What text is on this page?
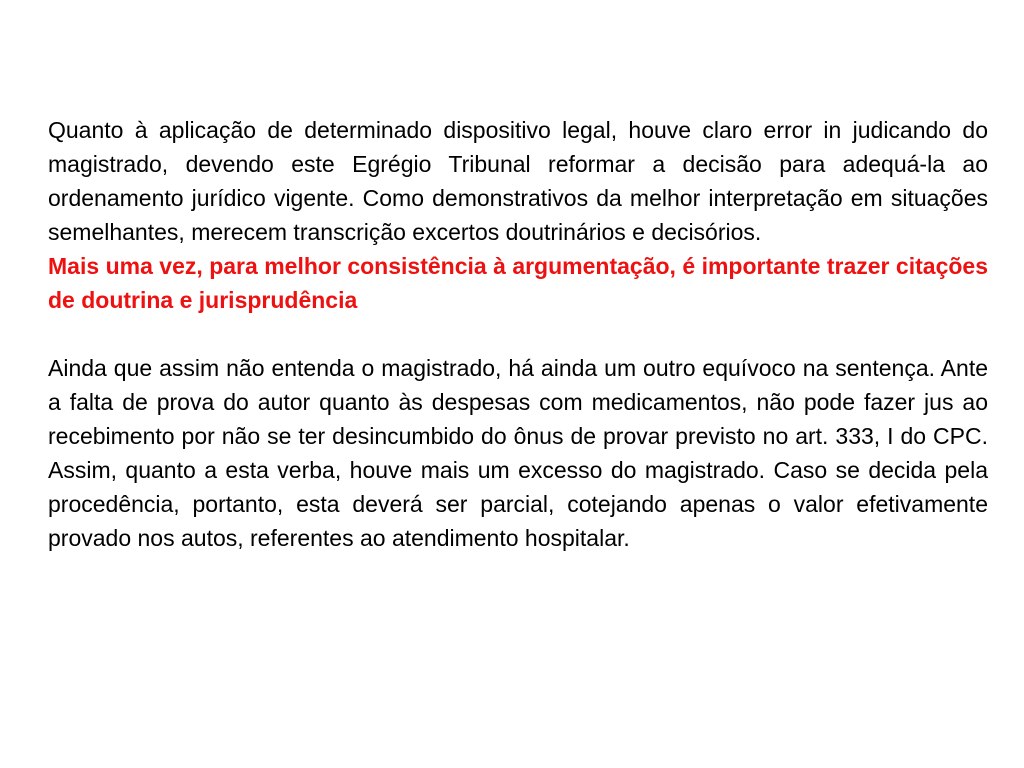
Quanto à aplicação de determinado dispositivo legal, houve claro error in judicando do magistrado, devendo este Egrégio Tribunal reformar a decisão para adequá-la ao ordenamento jurídico vigente. Como demonstrativos da melhor interpretação em situações semelhantes, merecem transcrição excertos doutrinários e decisórios.

Mais uma vez, para melhor consistência à argumentação, é importante trazer citações de doutrina e jurisprudência

Ainda que assim não entenda o magistrado, há ainda um outro equívoco na sentença. Ante a falta de prova do autor quanto às despesas com medicamentos, não pode fazer jus ao recebimento por não se ter desincumbido do ônus de provar previsto no art. 333, I do CPC. Assim, quanto a esta verba, houve mais um excesso do magistrado. Caso se decida pela procedência, portanto, esta deverá ser parcial, cotejando apenas o valor efetivamente provado nos autos, referentes ao atendimento hospitalar.
